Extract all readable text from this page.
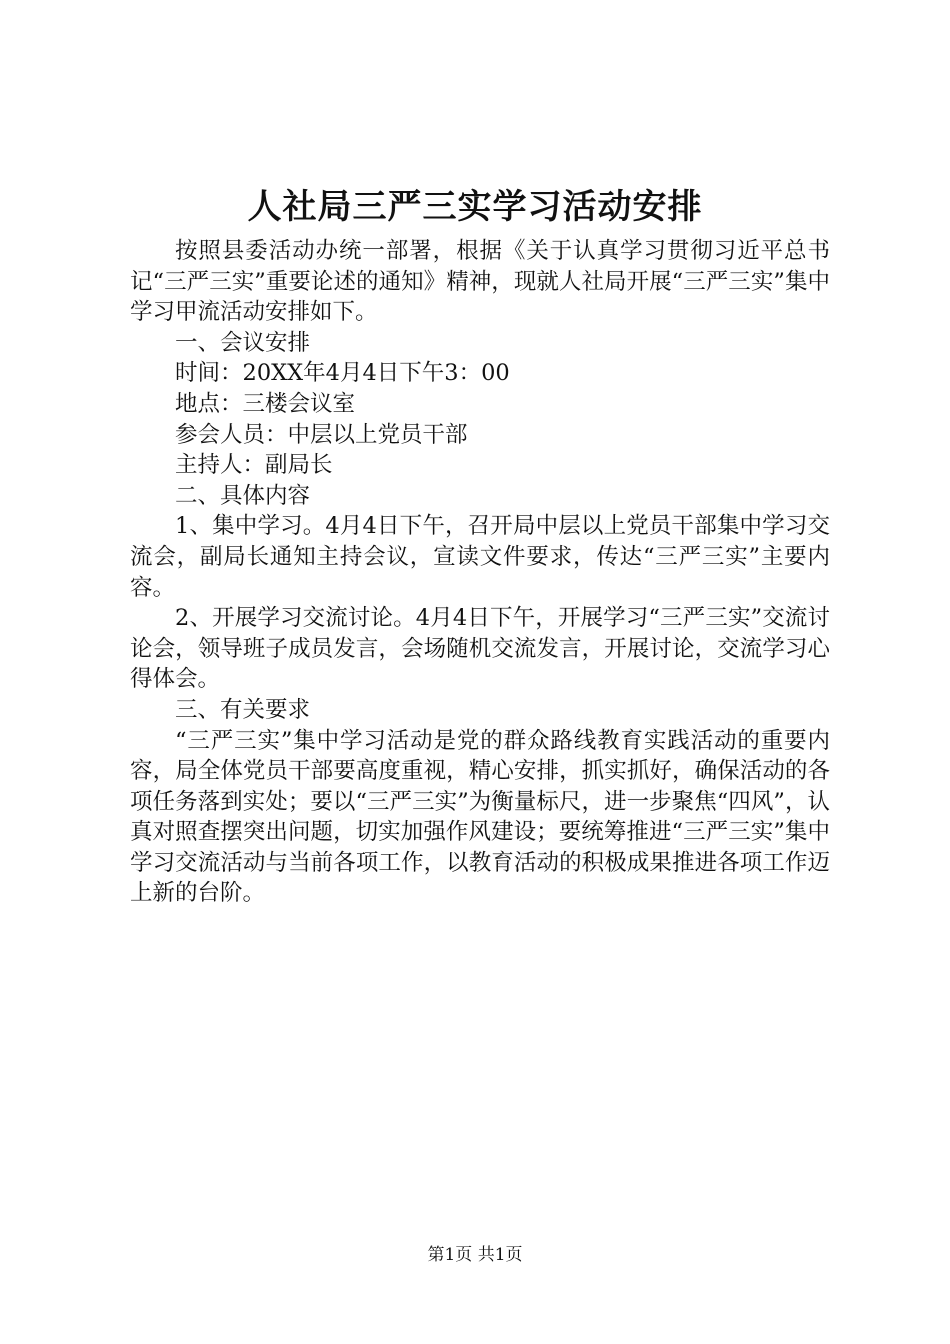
人社局三严三实学习活动安排

按照县委活动办统一部署，根据《关于认真学习贯彻习近平总书记“三严三实”重要论述的通知》精神，现就人社局开展“三严三实”集中学习甲流活动安排如下。

一、会议安排

时间：20XX年4月4日下午3：00

地点：三楼会议室

参会人员：中层以上党员干部

主持人：副局长

二、具体内容

1、集中学习。4月4日下午，召开局中层以上党员干部集中学习交流会，副局长通知主持会议，宣读文件要求，传达“三严三实”主要内容。

2、开展学习交流讨论。4月4日下午，开展学习“三严三实”交流讨论会，领导班子成员发言，会场随机交流发言，开展讨论，交流学习心得体会。

三、有关要求

“三严三实”集中学习活动是党的群众路线教育实践活动的重要内容，局全体党员干部要高度重视，精心安排，抓实抓好，确保活动的各项任务落到实处；要以“三严三实”为衡量标尺，进一步聚焦“四风”，认真对照查摆突出问题，切实加强作风建设；要统筹推进“三严三实”集中学习交流活动与当前各项工作，以教育活动的积极成果推进各项工作迈上新的台阶。

第1页 共1页
